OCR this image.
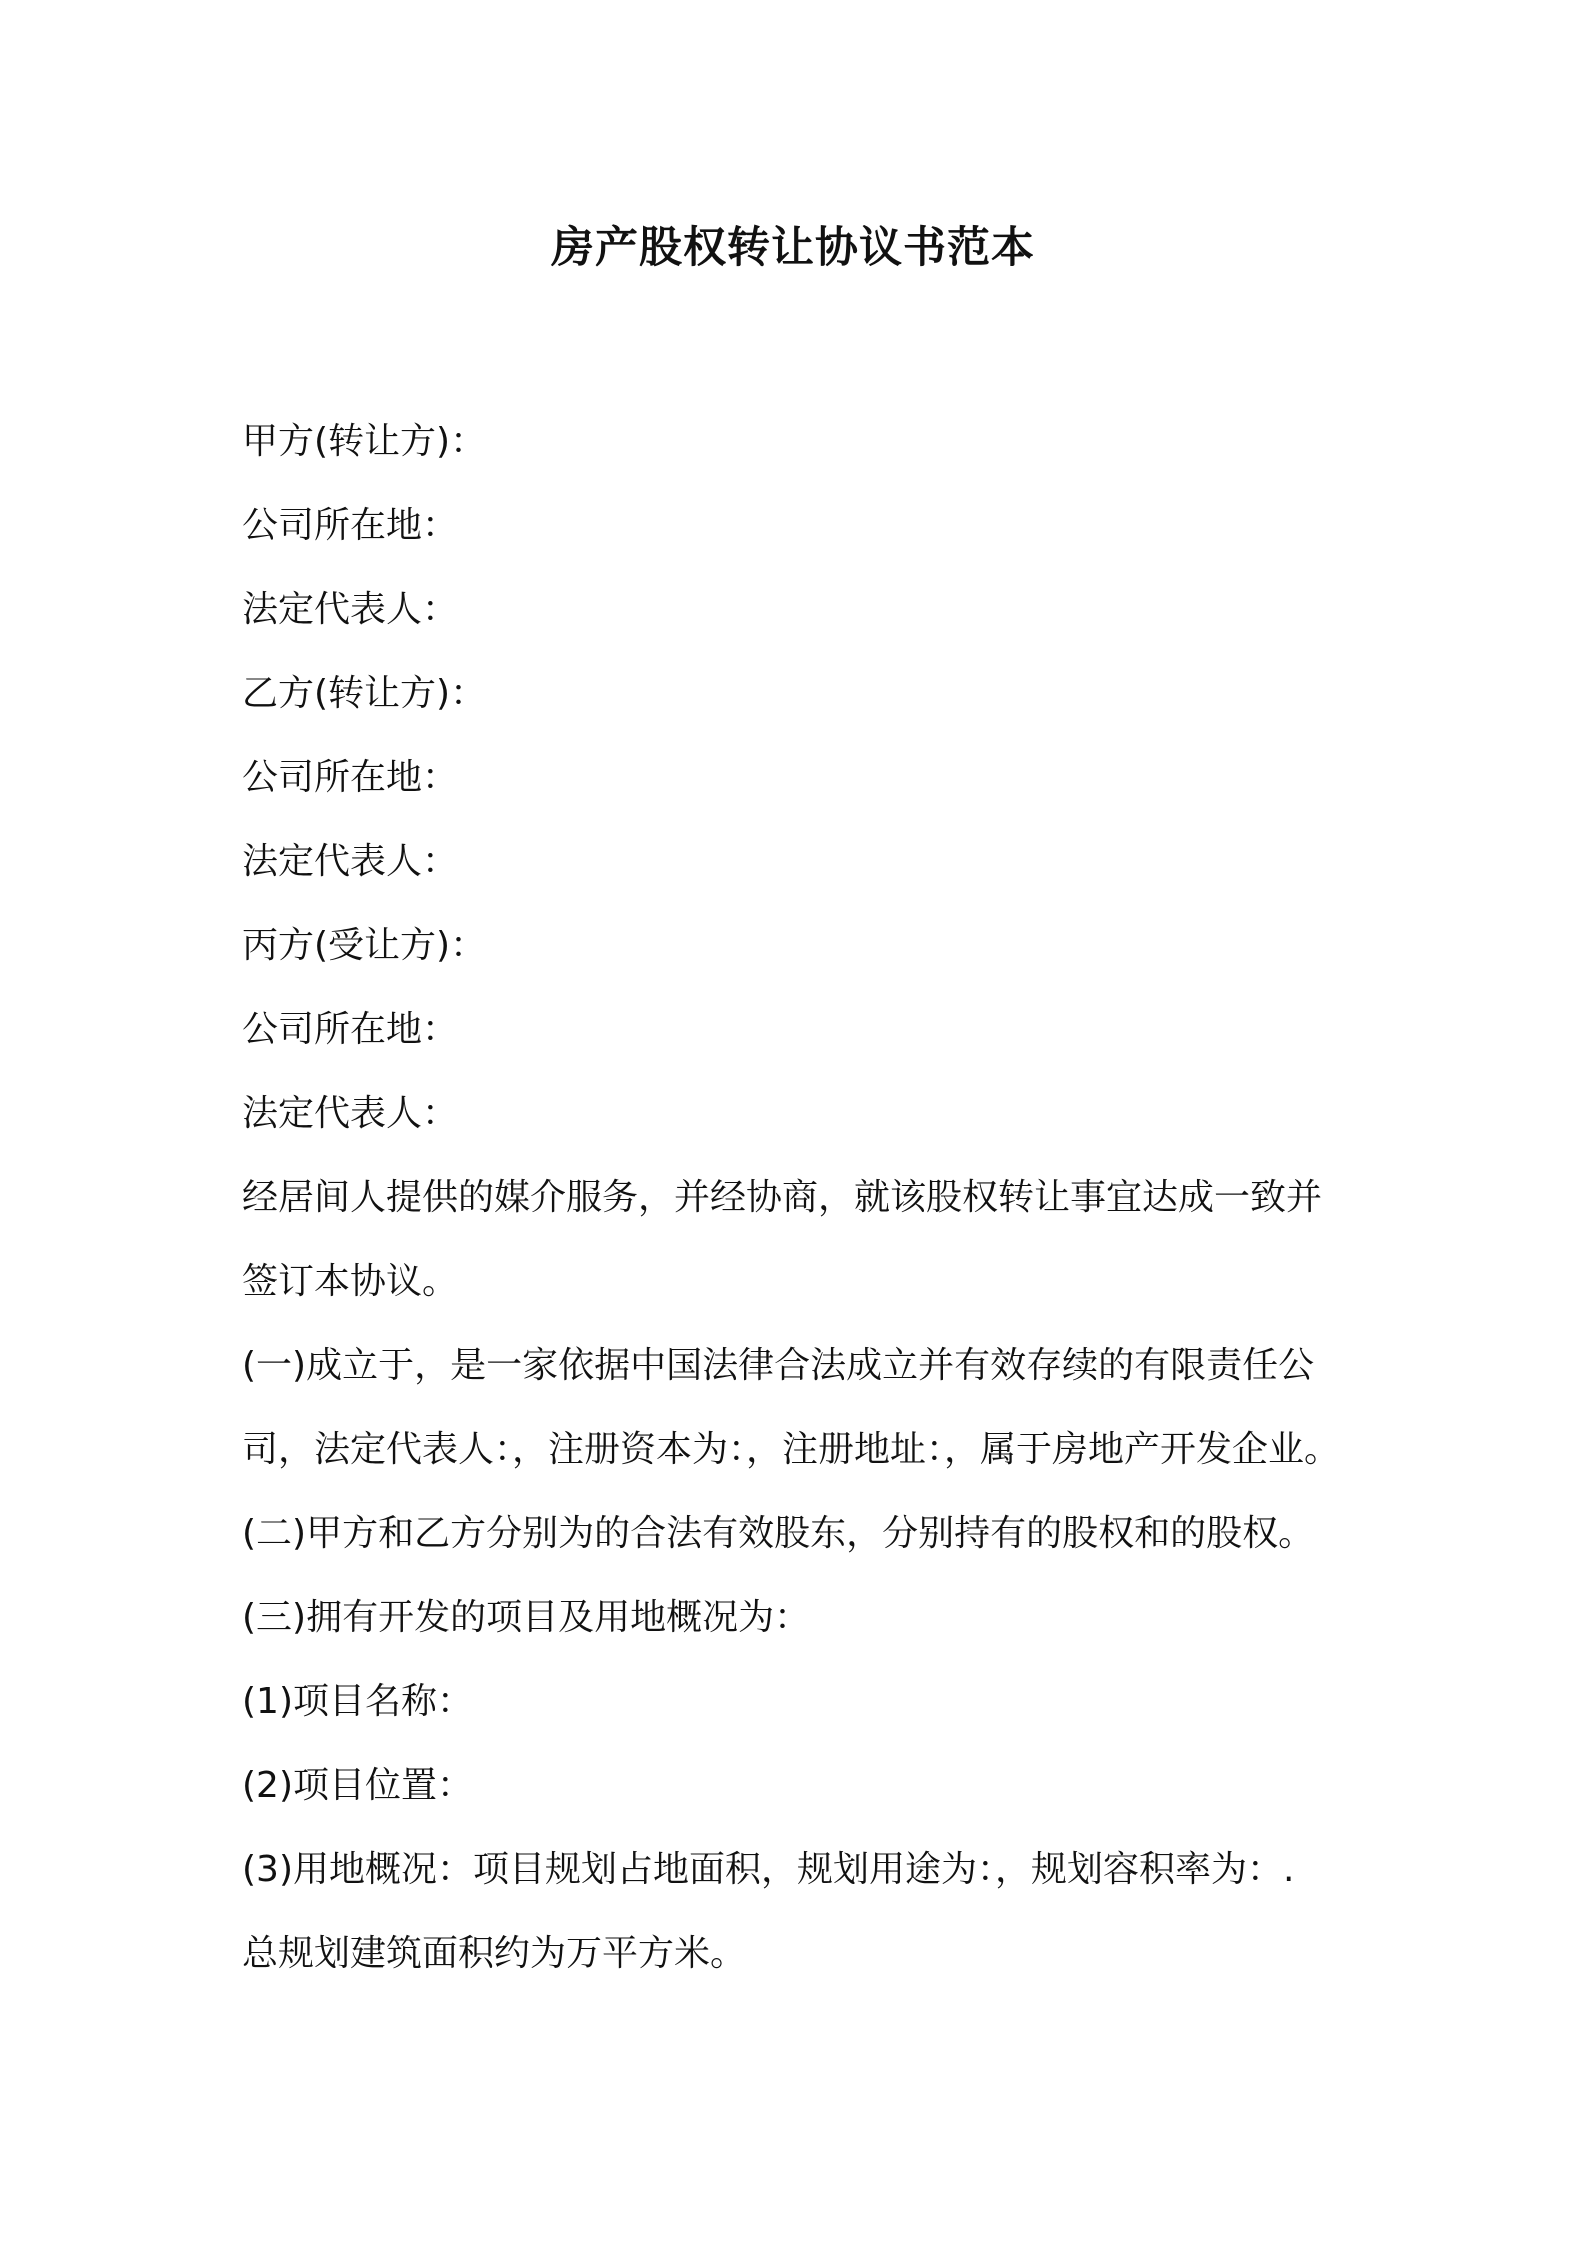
房产股权转让协议书范本

甲方(转让方)：

公司所在地：

法定代表人：

乙方(转让方)：

公司所在地：

法定代表人：

丙方(受让方)：

公司所在地：

法定代表人：

经居间人提供的媒介服务，并经协商，就该股权转让事宜达成一致并

签订本协议。

(一)成立于，是一家依据中国法律合法成立并有效存续的有限责任公

司，法定代表人：，注册资本为：，注册地址：，属于房地产开发企业。

(二)甲方和乙方分别为的合法有效股东，分别持有的股权和的股权。

(三)拥有开发的项目及用地概况为：

(1)项目名称：

(2)项目位置：

(3)用地概况：项目规划占地面积，规划用途为：，规划容积率为：.

总规划建筑面积约为万平方米。
